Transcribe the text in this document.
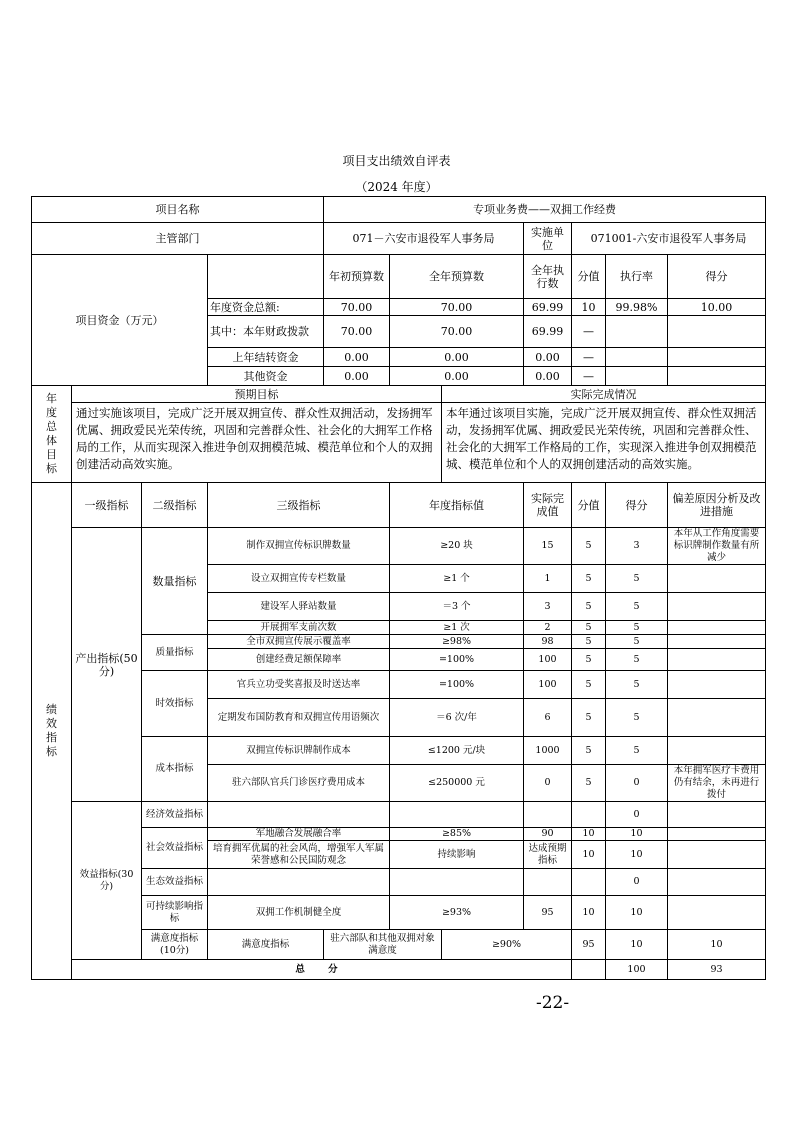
项目支出绩效自评表
（2024 年度）
项目名称				专项业务费——双拥工作经费							
主管部门				071－六安市退役军人事务局			实施单位	071001-六安市退役军人事务局			
项目资金（万元）				年初预算数	全年预算数		全年执行数	分值	执行率	得分	
			年度资金总额:	70.00	70.00		69.99	10	99.98%	10.00	
			其中：本年财政拨款	70.00	70.00		69.99	—			
			上年结转资金	0.00	0.00		0.00	—			
			其他资金	0.00	0.00		0.00	—			
年度总体目标	预期目标					实际完成情况					
	通过实施该项目，完成广泛开展双拥宣传、群众性双拥活动，发扬拥军优属、拥政爱民光荣传统，巩固和完善群众性、社会化的大拥军工作格局的工作，从而实现深入推进争创双拥模范城、模范单位和个人的双拥创建活动高效实施。					本年通过该项目实施，完成广泛开展双拥宣传、群众性双拥活动，发扬拥军优属、拥政爱民光荣传统，巩固和完善群众性、社会化的大拥军工作格局的工作，实现深入推进争创双拥模范城、模范单位和个人的双拥创建活动的高效实施。					
绩效指标	一级指标	二级指标	三级指标		年度指标值		实际完成值	分值	得分	偏差原因分析及改进措施	
	产出指标(50分)	数量指标	制作双拥宣传标识牌数量		≥20 块		15	5	3	本年从工作角度需要标识牌制作数量有所减少	
			设立双拥宣传专栏数量		≥1 个		1	5	5		
			建设军人驿站数量		＝3 个		3	5	5		
			开展拥军支前次数		≥1 次		2	5	5		
		质量指标	全市双拥宣传展示覆盖率		≥98%		98	5	5		
			创建经费足额保障率		=100%		100	5	5		
		时效指标	官兵立功受奖喜报及时送达率		=100%		100	5	5		
			定期发布国防教育和双拥宣传用语频次		＝6 次/年		6	5	5		
		成本指标	双拥宣传标识牌制作成本		≤1200 元/块		1000	5	5		
			驻六部队官兵门诊医疗费用成本		≤250000 元		0	5	0	本年拥军医疗卡费用仍有结余，未再进行拨付	
	效益指标(30分)	经济效益指标							0		
		社会效益指标	军地融合发展融合率		≥85%		90	10	10		
			培育拥军优属的社会风尚，增强军人军属荣誉感和公民国防观念		持续影响		达成预期指标	10	10		
		生态效益指标							0		
		可持续影响指标	双拥工作机制健全度		≥93%		95	10	10		
		满意度指标(10分)	满意度指标	驻六部队和其他双拥对象满意度		≥90%		95	10	10	
	总 分								100	93	
-22-
